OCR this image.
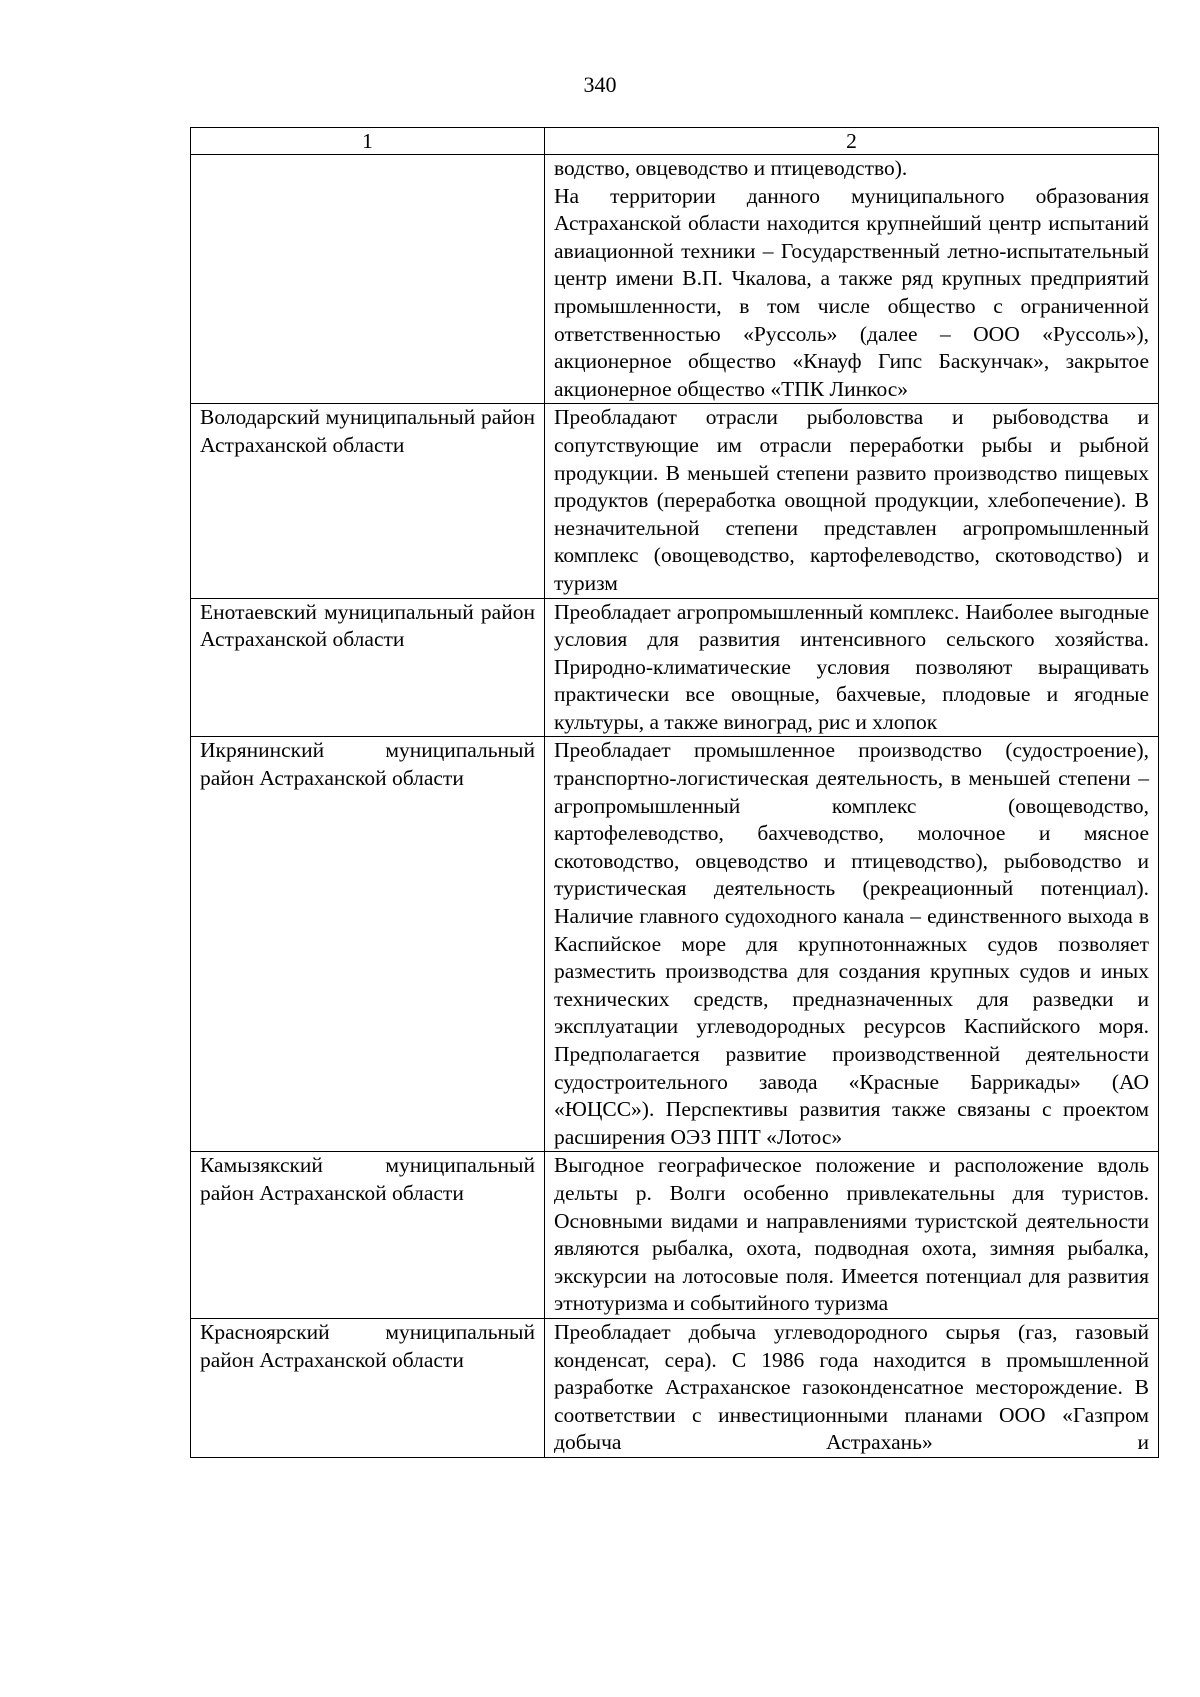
340
1	2

	водство, овцеводство и птицеводство).

На территории данного муниципального образования Астраханской области находится крупнейший центр испытаний авиационной техники – Государственный летно-испытательный центр имени В.П. Чкалова, а также ряд крупных предприятий промышленности, в том числе общество с ограниченной ответственностью «Руссоль» (далее – ООО «Руссоль»), акционерное общество «Кнауф Гипс Баскунчак», закрытое акционерное общество «ТПК Линкос»

Володарский муниципальный район Астраханской области	Преобладают отрасли рыболовства и рыбоводства и сопутствующие им отрасли переработки рыбы и рыбной продукции. В меньшей степени развито производство пищевых продуктов (переработка овощной продукции, хлебопечение). В незначительной степени представлен агропромышленный комплекс (овощеводство, картофелеводство, скотоводство) и туризм

Енотаевский муниципальный район Астраханской области	Преобладает агропромышленный комплекс. Наиболее выгодные условия для развития интенсивного сельского хозяйства. Природно-климатические условия позволяют выращивать практически все овощные, бахчевые, плодовые и ягодные культуры, а также виноград, рис и хлопок

Икрянинский муниципальный район Астраханской области	Преобладает промышленное производство (судостроение), транспортно-логистическая деятельность, в меньшей степени – агропромышленный комплекс (овощеводство, картофелеводство, бахчеводство, молочное и мясное скотоводство, овцеводство и птицеводство), рыбоводство и туристическая деятельность (рекреационный потенциал). Наличие главного судоходного канала – единственного выхода в Каспийское море для крупнотоннажных судов позволяет разместить производства для создания крупных судов и иных технических средств, предназначенных для разведки и эксплуатации углеводородных ресурсов Каспийского моря. Предполагается развитие производственной деятельности судостроительного завода «Красные Баррикады» (АО «ЮЦСС»). Перспективы развития также связаны с проектом расширения ОЭЗ ППТ «Лотос»

Камызякский муниципальный район Астраханской области	Выгодное географическое положение и расположение вдоль дельты р. Волги особенно привлекательны для туристов. Основными видами и направлениями туристской деятельности являются рыбалка, охота, подводная охота, зимняя рыбалка, экскурсии на лотосовые поля. Имеется потенциал для развития этнотуризма и событийного туризма

Красноярский муниципальный район Астраханской области	Преобладает добыча углеводородного сырья (газ, газовый конденсат, сера). С 1986 года находится в промышленной разработке Астраханское газоконденсатное месторождение. В соответствии с инвестиционными планами ООО «Газпром добыча Астрахань» и
